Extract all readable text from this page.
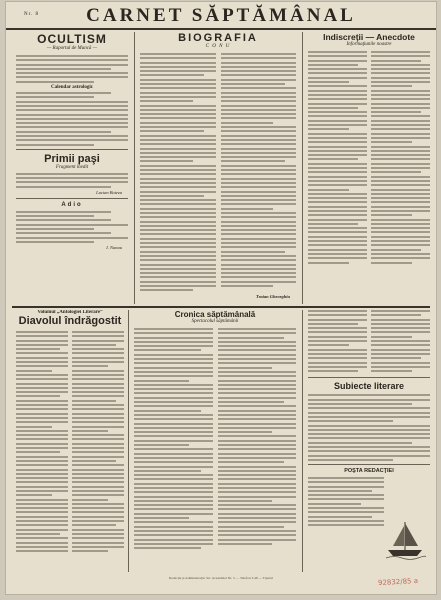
Nr. 8	CARNET SĂPTĂMÂNAL
OCULTISM
— Raportul de Muncă —
Calendar astrologic
Primii paşi
Fragment inedit
Lucian Boteza
Adio
I. Nanau
BIOGRAFIA
C O N U
Traian Gheorghiu
Indiscreţii — Anecdote
Informaţiunile noastre
Volumul „Antologiei Literare”
Diavolul îndrăgostit
Cronica săptămânală
Spectacolul săptămânii
Subiecte literare
POŞTA REDACŢIEI
Redacţia şi Administraţia: Str. Academiei Nr. 5 — Telefon 3.48 — Tiparul	92832/85 a
